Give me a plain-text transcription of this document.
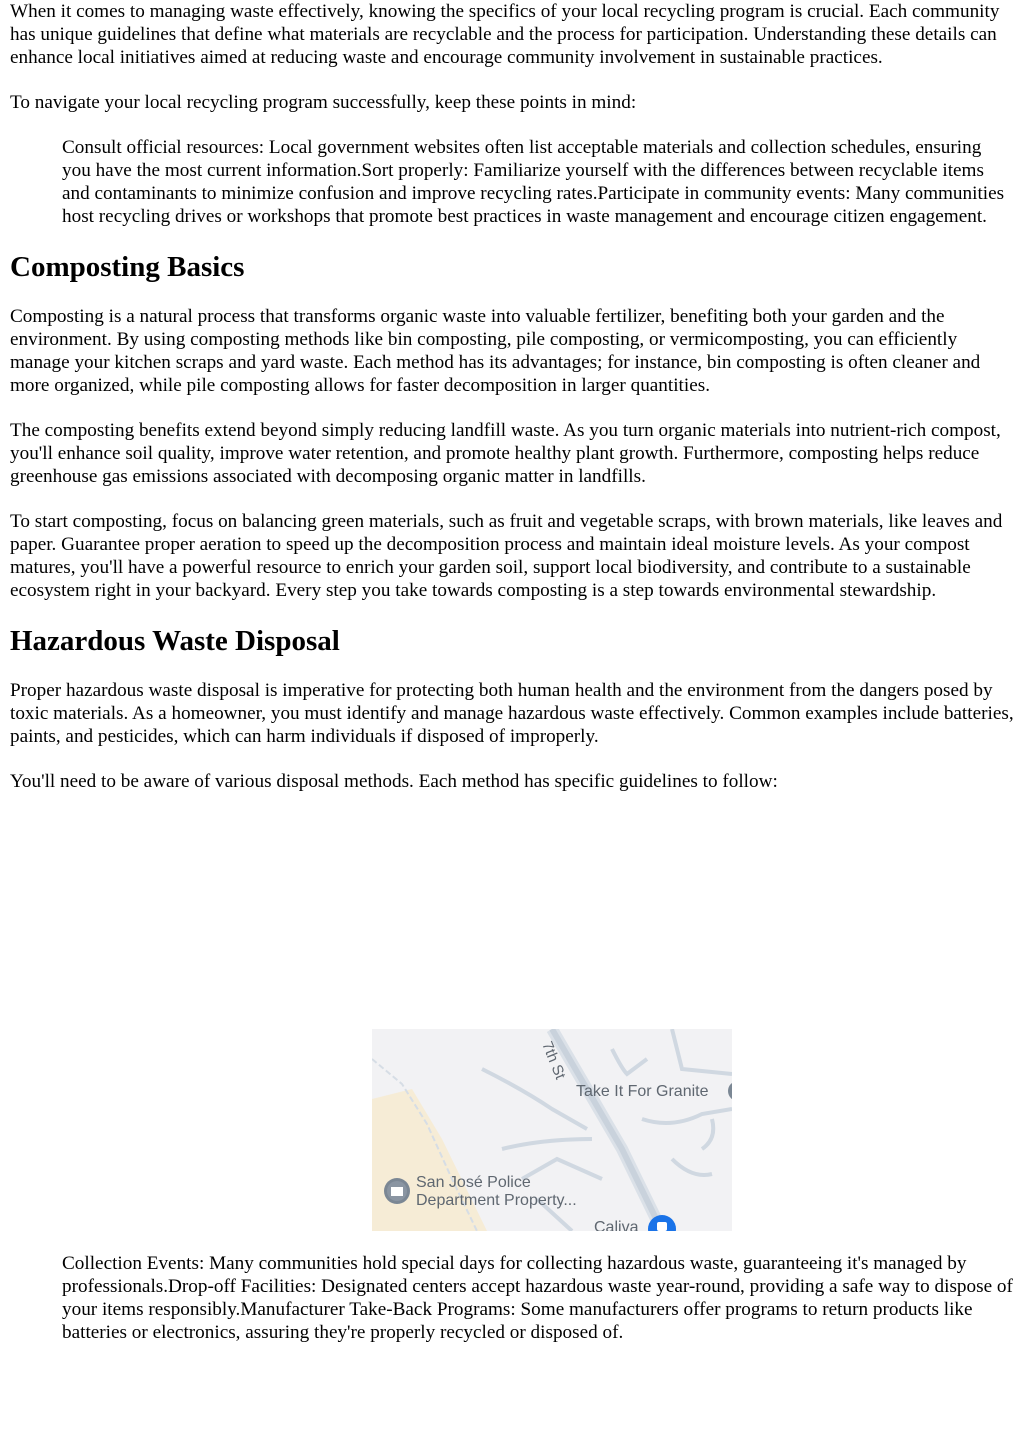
When it comes to managing waste effectively, knowing the specifics of your local recycling program is crucial. Each community has unique guidelines that define what materials are recyclable and the process for participation. Understanding these details can enhance local initiatives aimed at reducing waste and encourage community involvement in sustainable practices.

To navigate your local recycling program successfully, keep these points in mind:

Consult official resources: Local government websites often list acceptable materials and collection schedules, ensuring you have the most current information.Sort properly: Familiarize yourself with the differences between recyclable items and contaminants to minimize confusion and improve recycling rates.Participate in community events: Many communities host recycling drives or workshops that promote best practices in waste management and encourage citizen engagement.

Composting Basics

Composting is a natural process that transforms organic waste into valuable fertilizer, benefiting both your garden and the environment. By using composting methods like bin composting, pile composting, or vermicomposting, you can efficiently manage your kitchen scraps and yard waste. Each method has its advantages; for instance, bin composting is often cleaner and more organized, while pile composting allows for faster decomposition in larger quantities.

The composting benefits extend beyond simply reducing landfill waste. As you turn organic materials into nutrient-rich compost, you'll enhance soil quality, improve water retention, and promote healthy plant growth. Furthermore, composting helps reduce greenhouse gas emissions associated with decomposing organic matter in landfills.

To start composting, focus on balancing green materials, such as fruit and vegetable scraps, with brown materials, like leaves and paper. Guarantee proper aeration to speed up the decomposition process and maintain ideal moisture levels. As your compost matures, you'll have a powerful resource to enrich your garden soil, support local biodiversity, and contribute to a sustainable ecosystem right in your backyard. Every step you take towards composting is a step towards environmental stewardship.

Hazardous Waste Disposal

Proper hazardous waste disposal is imperative for protecting both human health and the environment from the dangers posed by toxic materials. As a homeowner, you must identify and manage hazardous waste effectively. Common examples include batteries, paints, and pesticides, which can harm individuals if disposed of improperly.

You'll need to be aware of various disposal methods. Each method has specific guidelines to follow:

7th St
Take It For Granite
San José Police
Department Property...
Caliva

Collection Events: Many communities hold special days for collecting hazardous waste, guaranteeing it's managed by professionals.Drop-off Facilities: Designated centers accept hazardous waste year-round, providing a safe way to dispose of your items responsibly.Manufacturer Take-Back Programs: Some manufacturers offer programs to return products like batteries or electronics, assuring they're properly recycled or disposed of.
